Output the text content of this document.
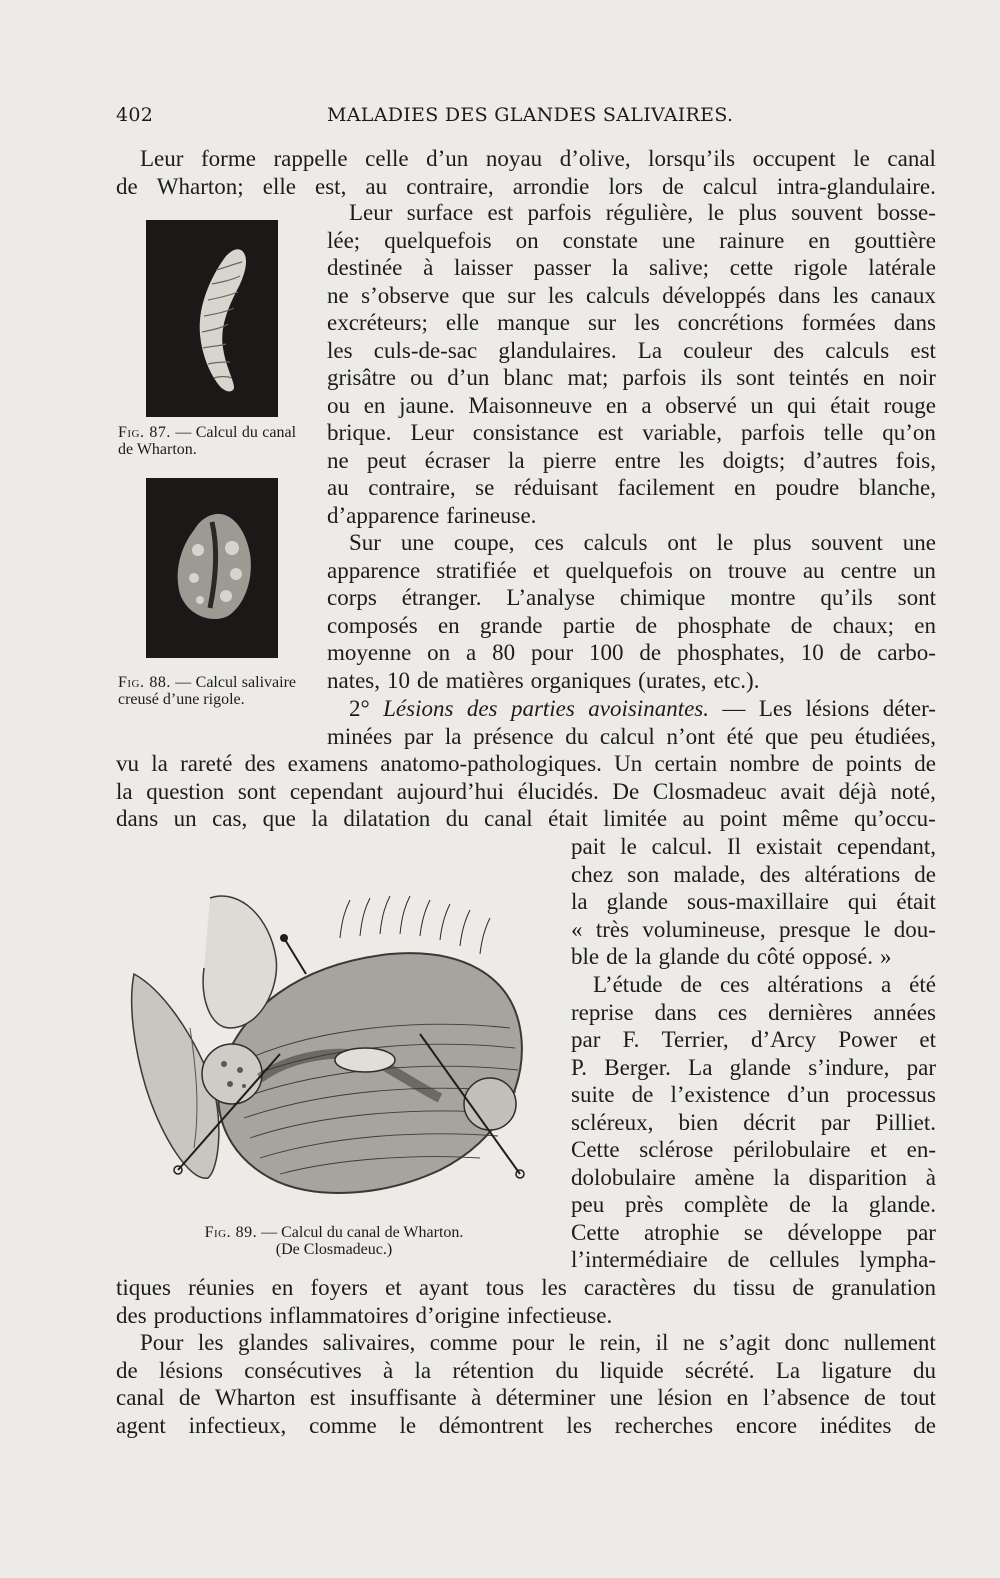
402	MALADIES DES GLANDES SALIVAIRES.
Fig. 87. — Calcul du canal de Wharton.
Fig. 88. — Calcul salivaire creusé d’une rigole.
Fig. 89. — Calcul du canal de Wharton.
(De Closmadeuc.)
Leur forme rappelle celle d’un noyau d’olive, lorsqu’ils occupent le canal
de Wharton; elle est, au contraire, arrondie lors de calcul intra-glandulaire.
Leur surface est parfois régulière, le plus souvent bosse-
lée; quelquefois on constate une rainure en gouttière
destinée à laisser passer la salive; cette rigole latérale
ne s’observe que sur les calculs développés dans les canaux
excréteurs; elle manque sur les concrétions formées dans
les culs-de-sac glandulaires. La couleur des calculs est
grisâtre ou d’un blanc mat; parfois ils sont teintés en noir
ou en jaune. Maisonneuve en a observé un qui était rouge
brique. Leur consistance est variable, parfois telle qu’on
ne peut écraser la pierre entre les doigts; d’autres fois,
au contraire, se réduisant facilement en poudre blanche,
d’apparence farineuse.
Sur une coupe, ces calculs ont le plus souvent une
apparence stratifiée et quelquefois on trouve au centre un
corps étranger. L’analyse chimique montre qu’ils sont
composés en grande partie de phosphate de chaux; en
moyenne on a 80 pour 100 de phosphates, 10 de carbo-
nates, 10 de matières organiques (urates, etc.).
2° Lésions des parties avoisinantes. — Les lésions déter-
minées par la présence du calcul n’ont été que peu étudiées,
vu la rareté des examens anatomo-pathologiques. Un certain nombre de points de
la question sont cependant aujourd’hui élucidés. De Closmadeuc avait déjà noté,
dans un cas, que la dilatation du canal était limitée au point même qu’occu-
pait le calcul. Il existait cependant,
chez son malade, des altérations de
la glande sous-maxillaire qui était
« très volumineuse, presque le dou-
ble de la glande du côté opposé. »
L’étude de ces altérations a été
reprise dans ces dernières années
par F. Terrier, d’Arcy Power et
P. Berger. La glande s’indure, par
suite de l’existence d’un processus
scléreux, bien décrit par Pilliet.
Cette sclérose périlobulaire et en-
dolobulaire amène la disparition à
peu près complète de la glande.
Cette atrophie se développe par
l’intermédiaire de cellules lympha-
tiques réunies en foyers et ayant tous les caractères du tissu de granulation
des productions inflammatoires d’origine infectieuse.
Pour les glandes salivaires, comme pour le rein, il ne s’agit donc nullement
de lésions consécutives à la rétention du liquide sécrété. La ligature du
canal de Wharton est insuffisante à déterminer une lésion en l’absence de tout
agent infectieux, comme le démontrent les recherches encore inédites de
